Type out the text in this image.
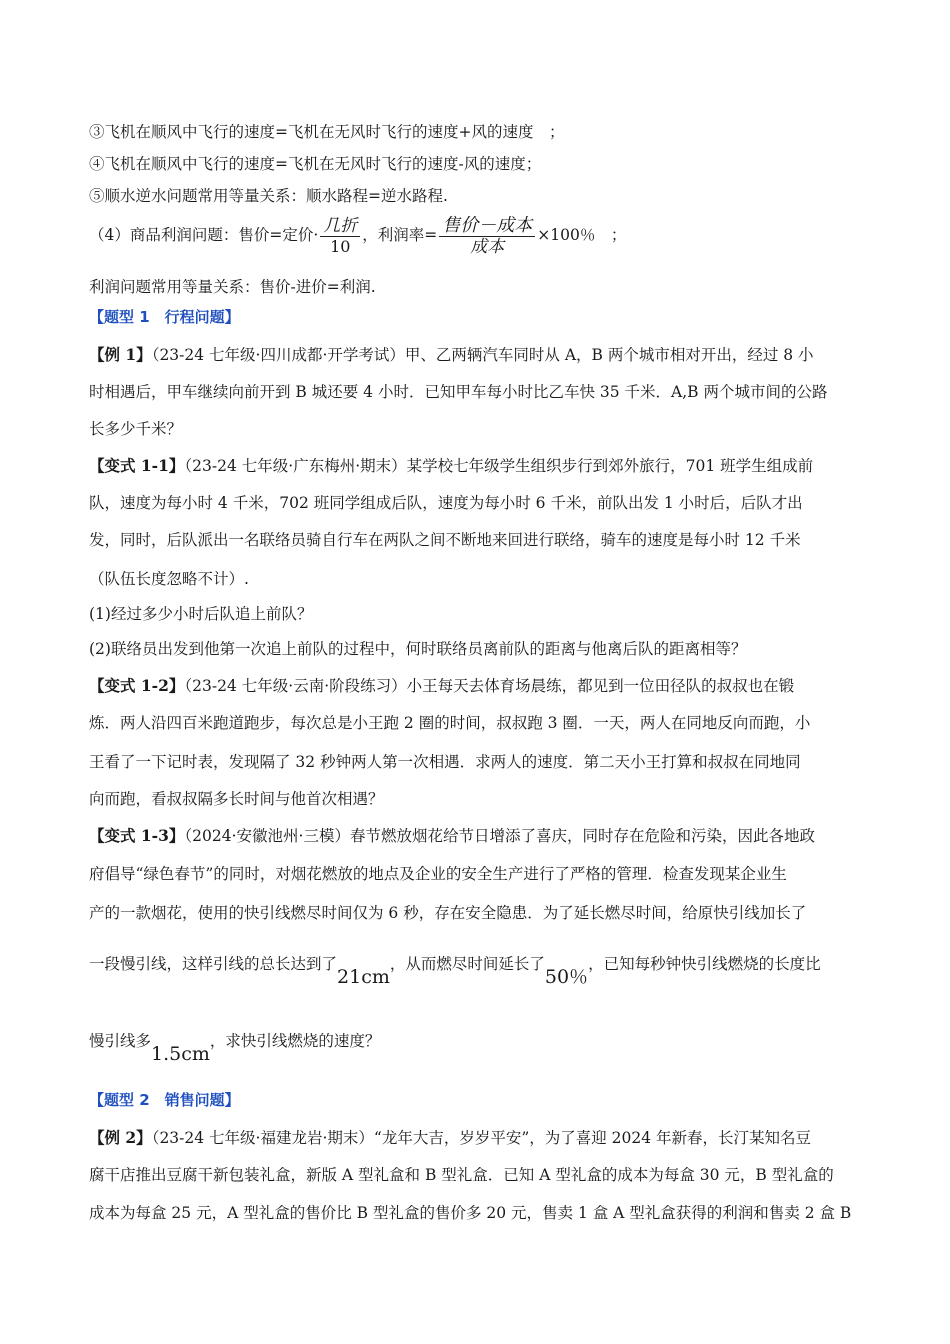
③飞机在顺风中飞行的速度=飞机在无风时飞行的速度+风的速度　；
④飞机在顺风中飞行的速度=飞机在无风时飞行的速度-风的速度；
⑤顺水逆水问题常用等量关系：顺水路程=逆水路程.
（4）商品利润问题：售价=定价· $\frac{\text{几折}}{10}$ ，利润率= $\frac{\text{售价－成本}}{\text{成本}} \times 100$％　；
利润问题常用等量关系：售价-进价=利润.
【题型 1　行程问题】
【例 1】（23-24 七年级·四川成都·开学考试）甲、乙两辆汽车同时从 A，B 两个城市相对开出，经过 8 小
时相遇后，甲车继续向前开到 B 城还要 4 小时．已知甲车每小时比乙车快 35 千米．A,B 两个城市间的公路
长多少千米？
【变式 1-1】（23-24 七年级·广东梅州·期末）某学校七年级学生组织步行到郊外旅行，701 班学生组成前
队，速度为每小时 4 千米，702 班同学组成后队，速度为每小时 6 千米，前队出发 1 小时后，后队才出
发，同时，后队派出一名联络员骑自行车在两队之间不断地来回进行联络，骑车的速度是每小时 12 千米
（队伍长度忽略不计）.
(1)经过多少小时后队追上前队？
(2)联络员出发到他第一次追上前队的过程中，何时联络员离前队的距离与他离后队的距离相等？
【变式 1-2】（23-24 七年级·云南·阶段练习）小王每天去体育场晨练，都见到一位田径队的叔叔也在锻
炼．两人沿四百米跑道跑步，每次总是小王跑 2 圈的时间，叔叔跑 3 圈．一天，两人在同地反向而跑，小
王看了一下记时表，发现隔了 32 秒钟两人第一次相遇．求两人的速度．第二天小王打算和叔叔在同地同
向而跑，看叔叔隔多长时间与他首次相遇？
【变式 1-3】（2024·安徽池州·三模）春节燃放烟花给节日增添了喜庆，同时存在危险和污染，因此各地政
府倡导“绿色春节”的同时，对烟花燃放的地点及企业的安全生产进行了严格的管理．检查发现某企业生
产的一款烟花，使用的快引线燃尽时间仅为 6 秒，存在安全隐患．为了延长燃尽时间，给原快引线加长了
一段慢引线，这样引线的总长达到了21cm，从而燃尽时间延长了50％，已知每秒钟快引线燃烧的长度比
慢引线多1.5cm，求快引线燃烧的速度？
【题型 2　销售问题】
【例 2】（23-24 七年级·福建龙岩·期末）“龙年大吉，岁岁平安”，为了喜迎 2024 年新春，长汀某知名豆
腐干店推出豆腐干新包装礼盒，新版 A 型礼盒和 B 型礼盒．已知 A 型礼盒的成本为每盒 30 元，B 型礼盒的
成本为每盒 25 元，A 型礼盒的售价比 B 型礼盒的售价多 20 元，售卖 1 盒 A 型礼盒获得的利润和售卖 2 盒 B
